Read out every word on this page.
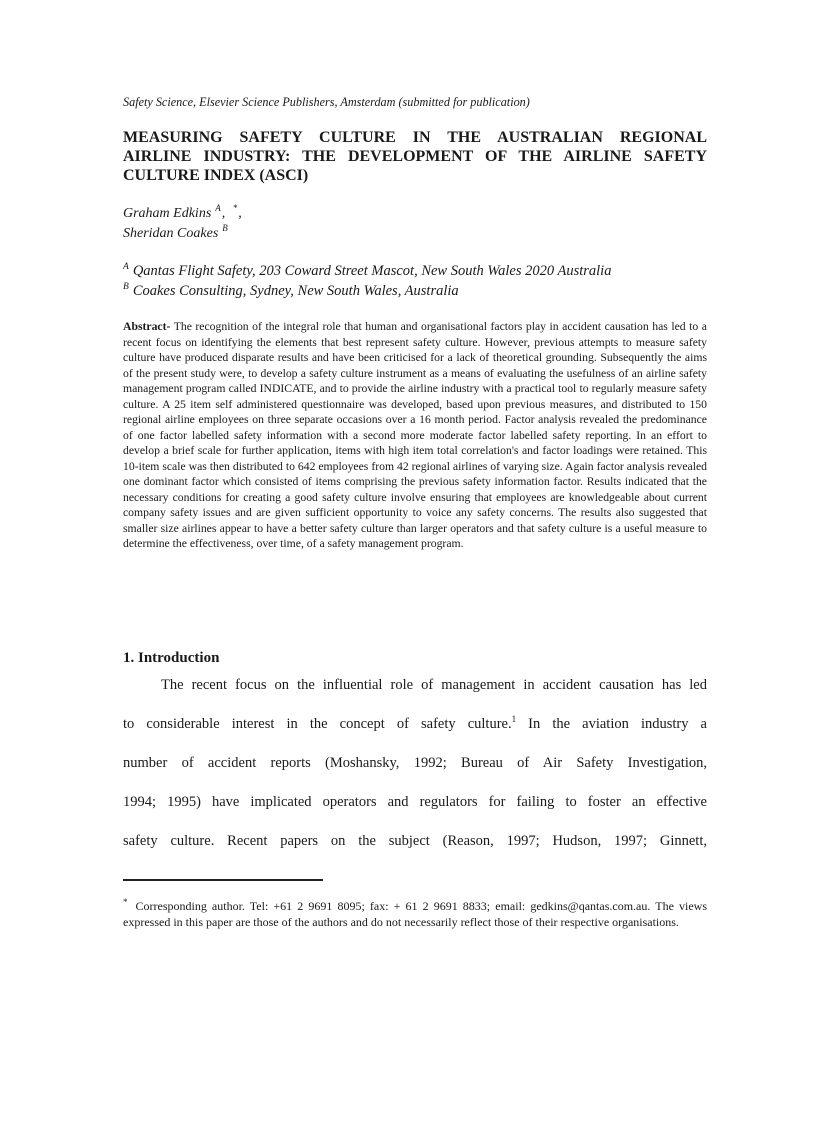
Safety Science, Elsevier Science Publishers, Amsterdam (submitted for publication)
MEASURING SAFETY CULTURE IN THE AUSTRALIAN REGIONAL
AIRLINE INDUSTRY: THE DEVELOPMENT OF THE AIRLINE SAFETY
CULTURE INDEX (ASCI)
Graham Edkins $^A$, *,
Sheridan Coakes $^B$
$^A$ Qantas Flight Safety, 203 Coward Street Mascot, New South Wales 2020 Australia
$^B$ Coakes Consulting, Sydney, New South Wales, Australia

Abstract- The recognition of the integral role that human and organisational factors play in accident causation has led to a recent focus on identifying the elements that best represent safety culture. However, previous attempts to measure safety culture have produced disparate results and have been criticised for a lack of theoretical grounding. Subsequently the aims of the present study were, to develop a safety culture instrument as a means of evaluating the usefulness of an airline safety management program called INDICATE, and to provide the airline industry with a practical tool to regularly measure safety culture. A 25 item self administered questionnaire was developed, based upon previous measures, and distributed to 150 regional airline employees on three separate occasions over a 16 month period. Factor analysis revealed the predominance of one factor labelled safety information with a second more moderate factor labelled safety reporting. In an effort to develop a brief scale for further application, items with high item total correlation's and factor loadings were retained. This 10-item scale was then distributed to 642 employees from 42 regional airlines of varying size. Again factor analysis revealed one dominant factor which consisted of items comprising the previous safety information factor. Results indicated that the necessary conditions for creating a good safety culture involve ensuring that employees are knowledgeable about current company safety issues and are given sufficient opportunity to voice any safety concerns. The results also suggested that smaller size airlines appear to have a better safety culture than larger operators and that safety culture is a useful measure to determine the effectiveness, over time, of a safety management program.

1. Introduction
The recent focus on the influential role of management in accident causation has led
to considerable interest in the concept of safety culture.$^1$ In the aviation industry a
number of accident reports (Moshansky, 1992; Bureau of Air Safety Investigation,
1994; 1995) have implicated operators and regulators for failing to foster an effective
safety culture. Recent papers on the subject (Reason, 1997; Hudson, 1997; Ginnett,

* Corresponding author. Tel: +61 2 9691 8095; fax: + 61 2 9691 8833; email: gedkins@qantas.com.au. The views expressed in this paper are those of the authors and do not necessarily reflect those of their respective organisations.
